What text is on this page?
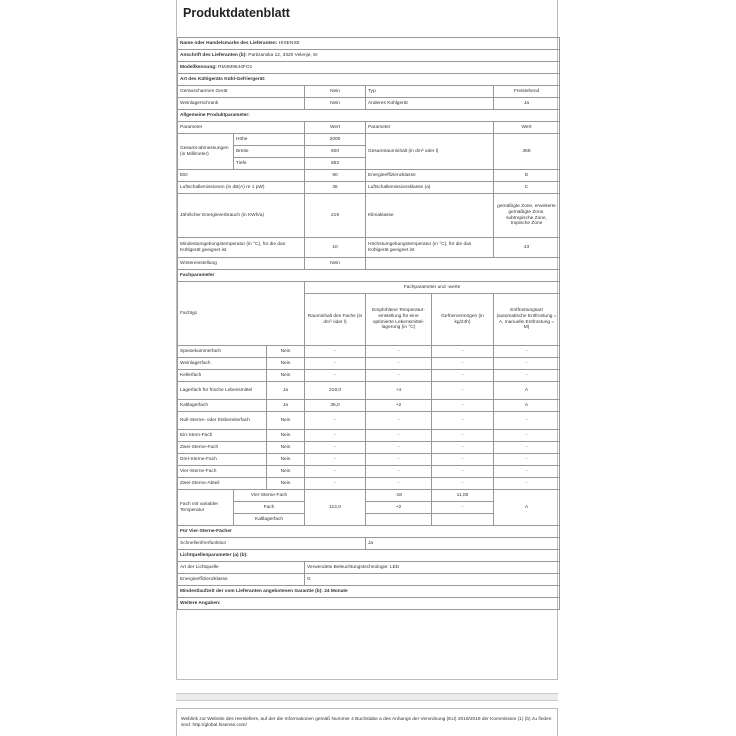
Produktdatenblatt
Name oder Handelsmarke des Lieferanten: HISENSE						
Anschrift des Lieferanten (b): Partizanska 12, 3320 Velenje, SI						
Modellkennung: RM4M9644FO1						
Art des Kühlgeräts Kühl-Gefriergerät:						
Geräuscharmes Gerät			Nein	Typ		Freistehend
Weinlagerschrank			Nein	Anderes Kühlgerät		Ja
Allgemeine Produktparameter:						
Parameter			Wert	Parameter		Wert
Gesamt-abmessungen (in Millimeter)	Höhe		2000	Gesamtrauminhalt (in dm³ oder l)		368
	Breite		600			
	Tiefe		663			
EEI			90	Energieeffizienzklasse		D
Luftschallemissionen (in dB(A) re 1 pW)			36	Luftschallemissionsklasse (a)		C
Jährlicher Energieverbrauch (in KWh/a)			219	Klimaklasse		gemäßigte Zone, erweiterte gemäßigte Zone, subtropische Zone, tropische Zone
Mindestumgebungstemperatur (in °C), für die das Kühlgerät geeignet ist			10	Höchstumgebungstemperatur (in °C), für die das Kühlgerät geeignet ist		43
Wintereinstellung			Nein			
Fachparameter						
Fachtyp			Fachparameter und -werte			
			Rauminhalt des Fachs (in dm³ oder l)	Empfohlene Temperatur-einstellung für eine optimierte Lebensmittel-lagerung (in °C)	Gefriervermögen (in kg/24h)	Entfrostungsart (automatische Entfrostung = A, manuelle Entfrostung = M)
Speisekammerfach		Nein	-	-	-	-
Weinlagerfach		Nein	-	-	-	-
Kellerfach		Nein	-	-	-	-
Lagerfach für frische Lebensmittel		Ja	219,0	+4	-	A
Kaltlagerfach		Ja	36,0	+2	-	A
Null-Sterne- oder Eisbereiterfach		Nein	-	-	-	-
Ein-Stern-Fach		Nein	-	-	-	-
Zwei-Sterne-Fach		Nein	-	-	-	-
Drei-Sterne-Fach		Nein	-	-	-	-
Vier-Sterne-Fach		Nein	-	-	-	-
Zwei-Sterne-Abteil		Nein	-	-	-	-
Fach mit variabler Temperatur	Vier-Sterne-Fach		113,0	-18	11,00	A
	Fach			+2	-	
	Kaltlagerfach					
Für Vier-Sterne-Fächer						
Schnellenfrierfunktion				Ja		
Lichtquellenparameter (a) (b):						
Art der Lichtquelle			Verwendete Beleuchtungstechnologie: LED			
Energieeffizienzklasse			G			
Mindestlaufzeit der vom Lieferanten angebotenen Garantie (b): 24 Monate						
Weitere Angaben:						
Weblink zur Website des Herstellers, auf der die Informationen gemäß Nummer 4 Buchstabe a des Anhangs der Verordnung (EU) 2019/2019 der Kommission (1) (b) zu finden sind: http://global.hisense.com/
